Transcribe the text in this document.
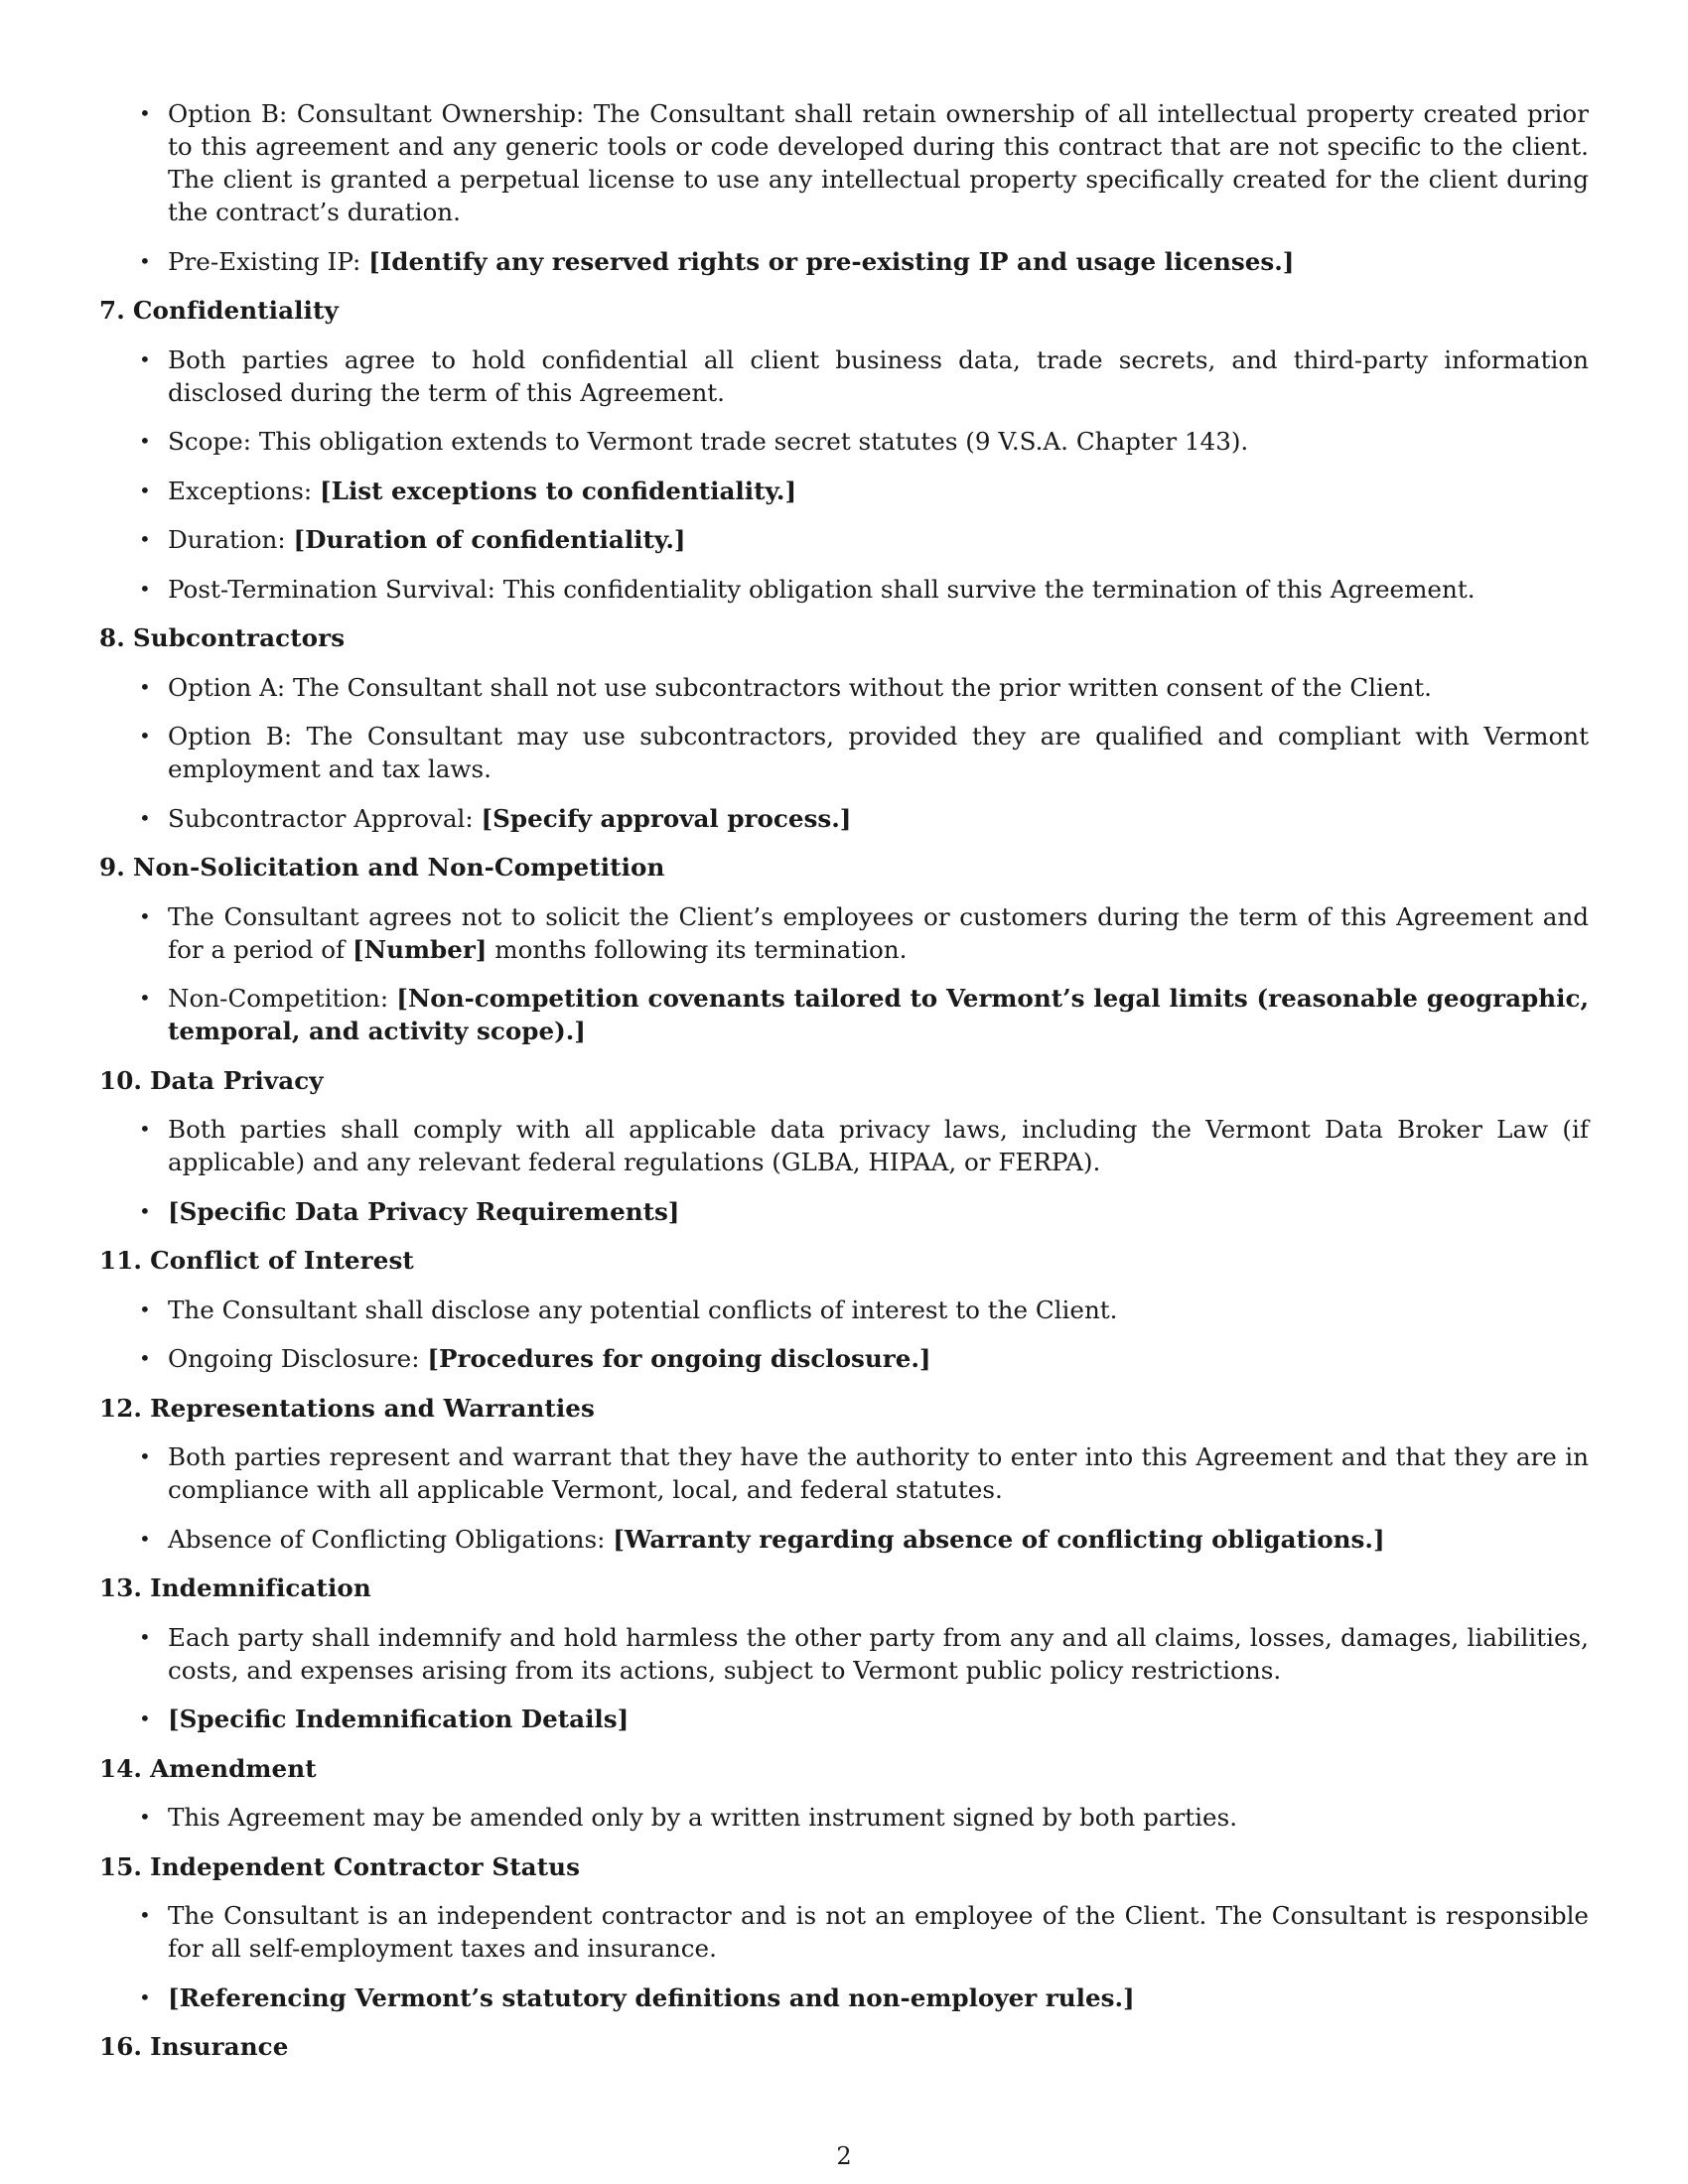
• Option B: Consultant Ownership: The Consultant shall retain ownership of all intellectual property created prior to this agreement and any generic tools or code developed during this contract that are not specific to the client. The client is granted a perpetual license to use any intellectual property specifically created for the client during the contract’s duration.
• Pre-Existing IP: [Identify any reserved rights or pre-existing IP and usage licenses.]
7. Confidentiality
• Both parties agree to hold confidential all client business data, trade secrets, and third-party information disclosed during the term of this Agreement.
• Scope: This obligation extends to Vermont trade secret statutes (9 V.S.A. Chapter 143).
• Exceptions: [List exceptions to confidentiality.]
• Duration: [Duration of confidentiality.]
• Post-Termination Survival: This confidentiality obligation shall survive the termination of this Agreement.
8. Subcontractors
• Option A: The Consultant shall not use subcontractors without the prior written consent of the Client.
• Option B: The Consultant may use subcontractors, provided they are qualified and compliant with Vermont employment and tax laws.
• Subcontractor Approval: [Specify approval process.]
9. Non-Solicitation and Non-Competition
• The Consultant agrees not to solicit the Client’s employees or customers during the term of this Agreement and for a period of [Number] months following its termination.
• Non-Competition: [Non-competition covenants tailored to Vermont’s legal limits (reasonable geographic, temporal, and activity scope).]
10. Data Privacy
• Both parties shall comply with all applicable data privacy laws, including the Vermont Data Broker Law (if applicable) and any relevant federal regulations (GLBA, HIPAA, or FERPA).
• [Specific Data Privacy Requirements]
11. Conflict of Interest
• The Consultant shall disclose any potential conflicts of interest to the Client.
• Ongoing Disclosure: [Procedures for ongoing disclosure.]
12. Representations and Warranties
• Both parties represent and warrant that they have the authority to enter into this Agreement and that they are in compliance with all applicable Vermont, local, and federal statutes.
• Absence of Conflicting Obligations: [Warranty regarding absence of conflicting obligations.]
13. Indemnification
• Each party shall indemnify and hold harmless the other party from any and all claims, losses, damages, liabilities, costs, and expenses arising from its actions, subject to Vermont public policy restrictions.
• [Specific Indemnification Details]
14. Amendment
• This Agreement may be amended only by a written instrument signed by both parties.
15. Independent Contractor Status
• The Consultant is an independent contractor and is not an employee of the Client. The Consultant is responsible for all self-employment taxes and insurance.
• [Referencing Vermont’s statutory definitions and non-employer rules.]
16. Insurance
2
